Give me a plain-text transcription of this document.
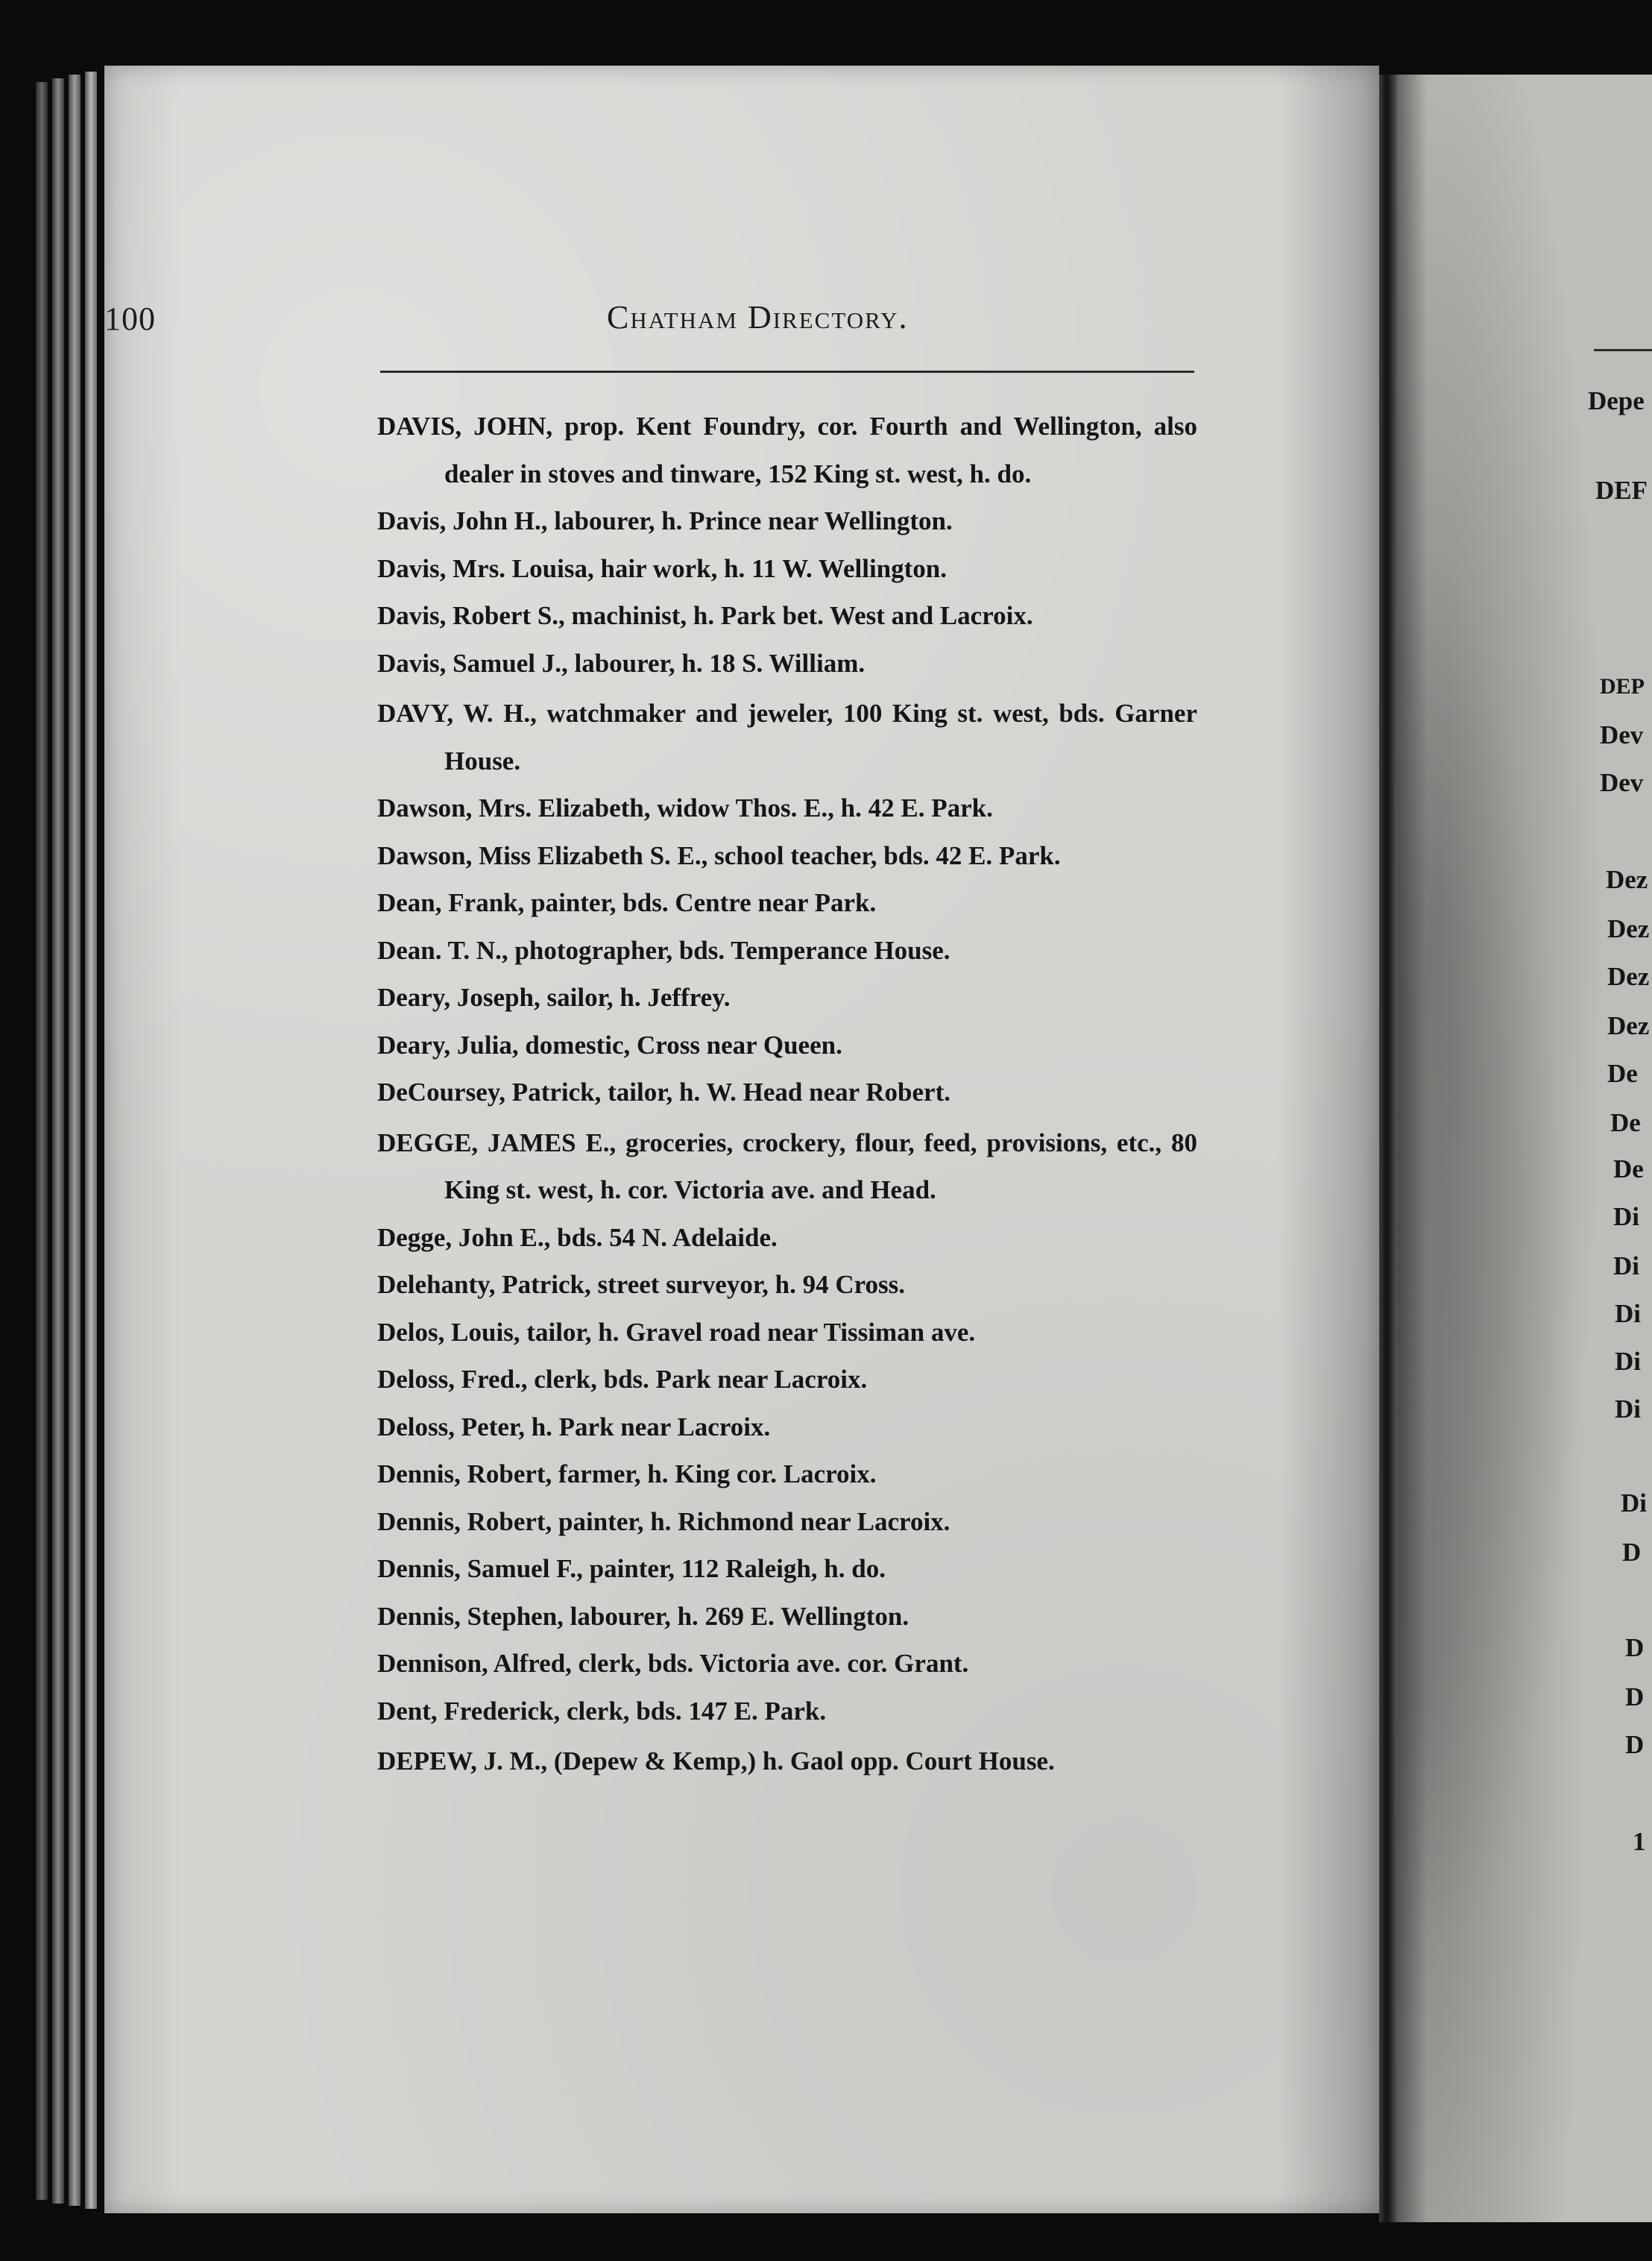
100	Chatham Directory.
DAVIS, JOHN, prop. Kent Foundry, cor. Fourth and Wellington, also dealer in stoves and tinware, 152 King st. west, h. do.
Davis, John H., labourer, h. Prince near Wellington.
Davis, Mrs. Louisa, hair work, h. 11 W. Wellington.
Davis, Robert S., machinist, h. Park bet. West and Lacroix.
Davis, Samuel J., labourer, h. 18 S. William.
DAVY, W. H., watchmaker and jeweler, 100 King st. west, bds. Garner House.
Dawson, Mrs. Elizabeth, widow Thos. E., h. 42 E. Park.
Dawson, Miss Elizabeth S. E., school teacher, bds. 42 E. Park.
Dean, Frank, painter, bds. Centre near Park.
Dean. T. N., photographer, bds. Temperance House.
Deary, Joseph, sailor, h. Jeffrey.
Deary, Julia, domestic, Cross near Queen.
DeCoursey, Patrick, tailor, h. W. Head near Robert.
DEGGE, JAMES E., groceries, crockery, flour, feed, provisions, etc., 80 King st. west, h. cor. Victoria ave. and Head.
Degge, John E., bds. 54 N. Adelaide.
Delehanty, Patrick, street surveyor, h. 94 Cross.
Delos, Louis, tailor, h. Gravel road near Tissiman ave.
Deloss, Fred., clerk, bds. Park near Lacroix.
Deloss, Peter, h. Park near Lacroix.
Dennis, Robert, farmer, h. King cor. Lacroix.
Dennis, Robert, painter, h. Richmond near Lacroix.
Dennis, Samuel F., painter, 112 Raleigh, h. do.
Dennis, Stephen, labourer, h. 269 E. Wellington.
Dennison, Alfred, clerk, bds. Victoria ave. cor. Grant.
Dent, Frederick, clerk, bds. 147 E. Park.
DEPEW, J. M., (Depew & Kemp,) h. Gaol opp. Court House.
Depe
DEF
DEP
Dev
Dev
Dez
Dez
Dez
Dez
De
De
De
Di
Di
Di
Di
Di
Di
D
D
D
D
1
